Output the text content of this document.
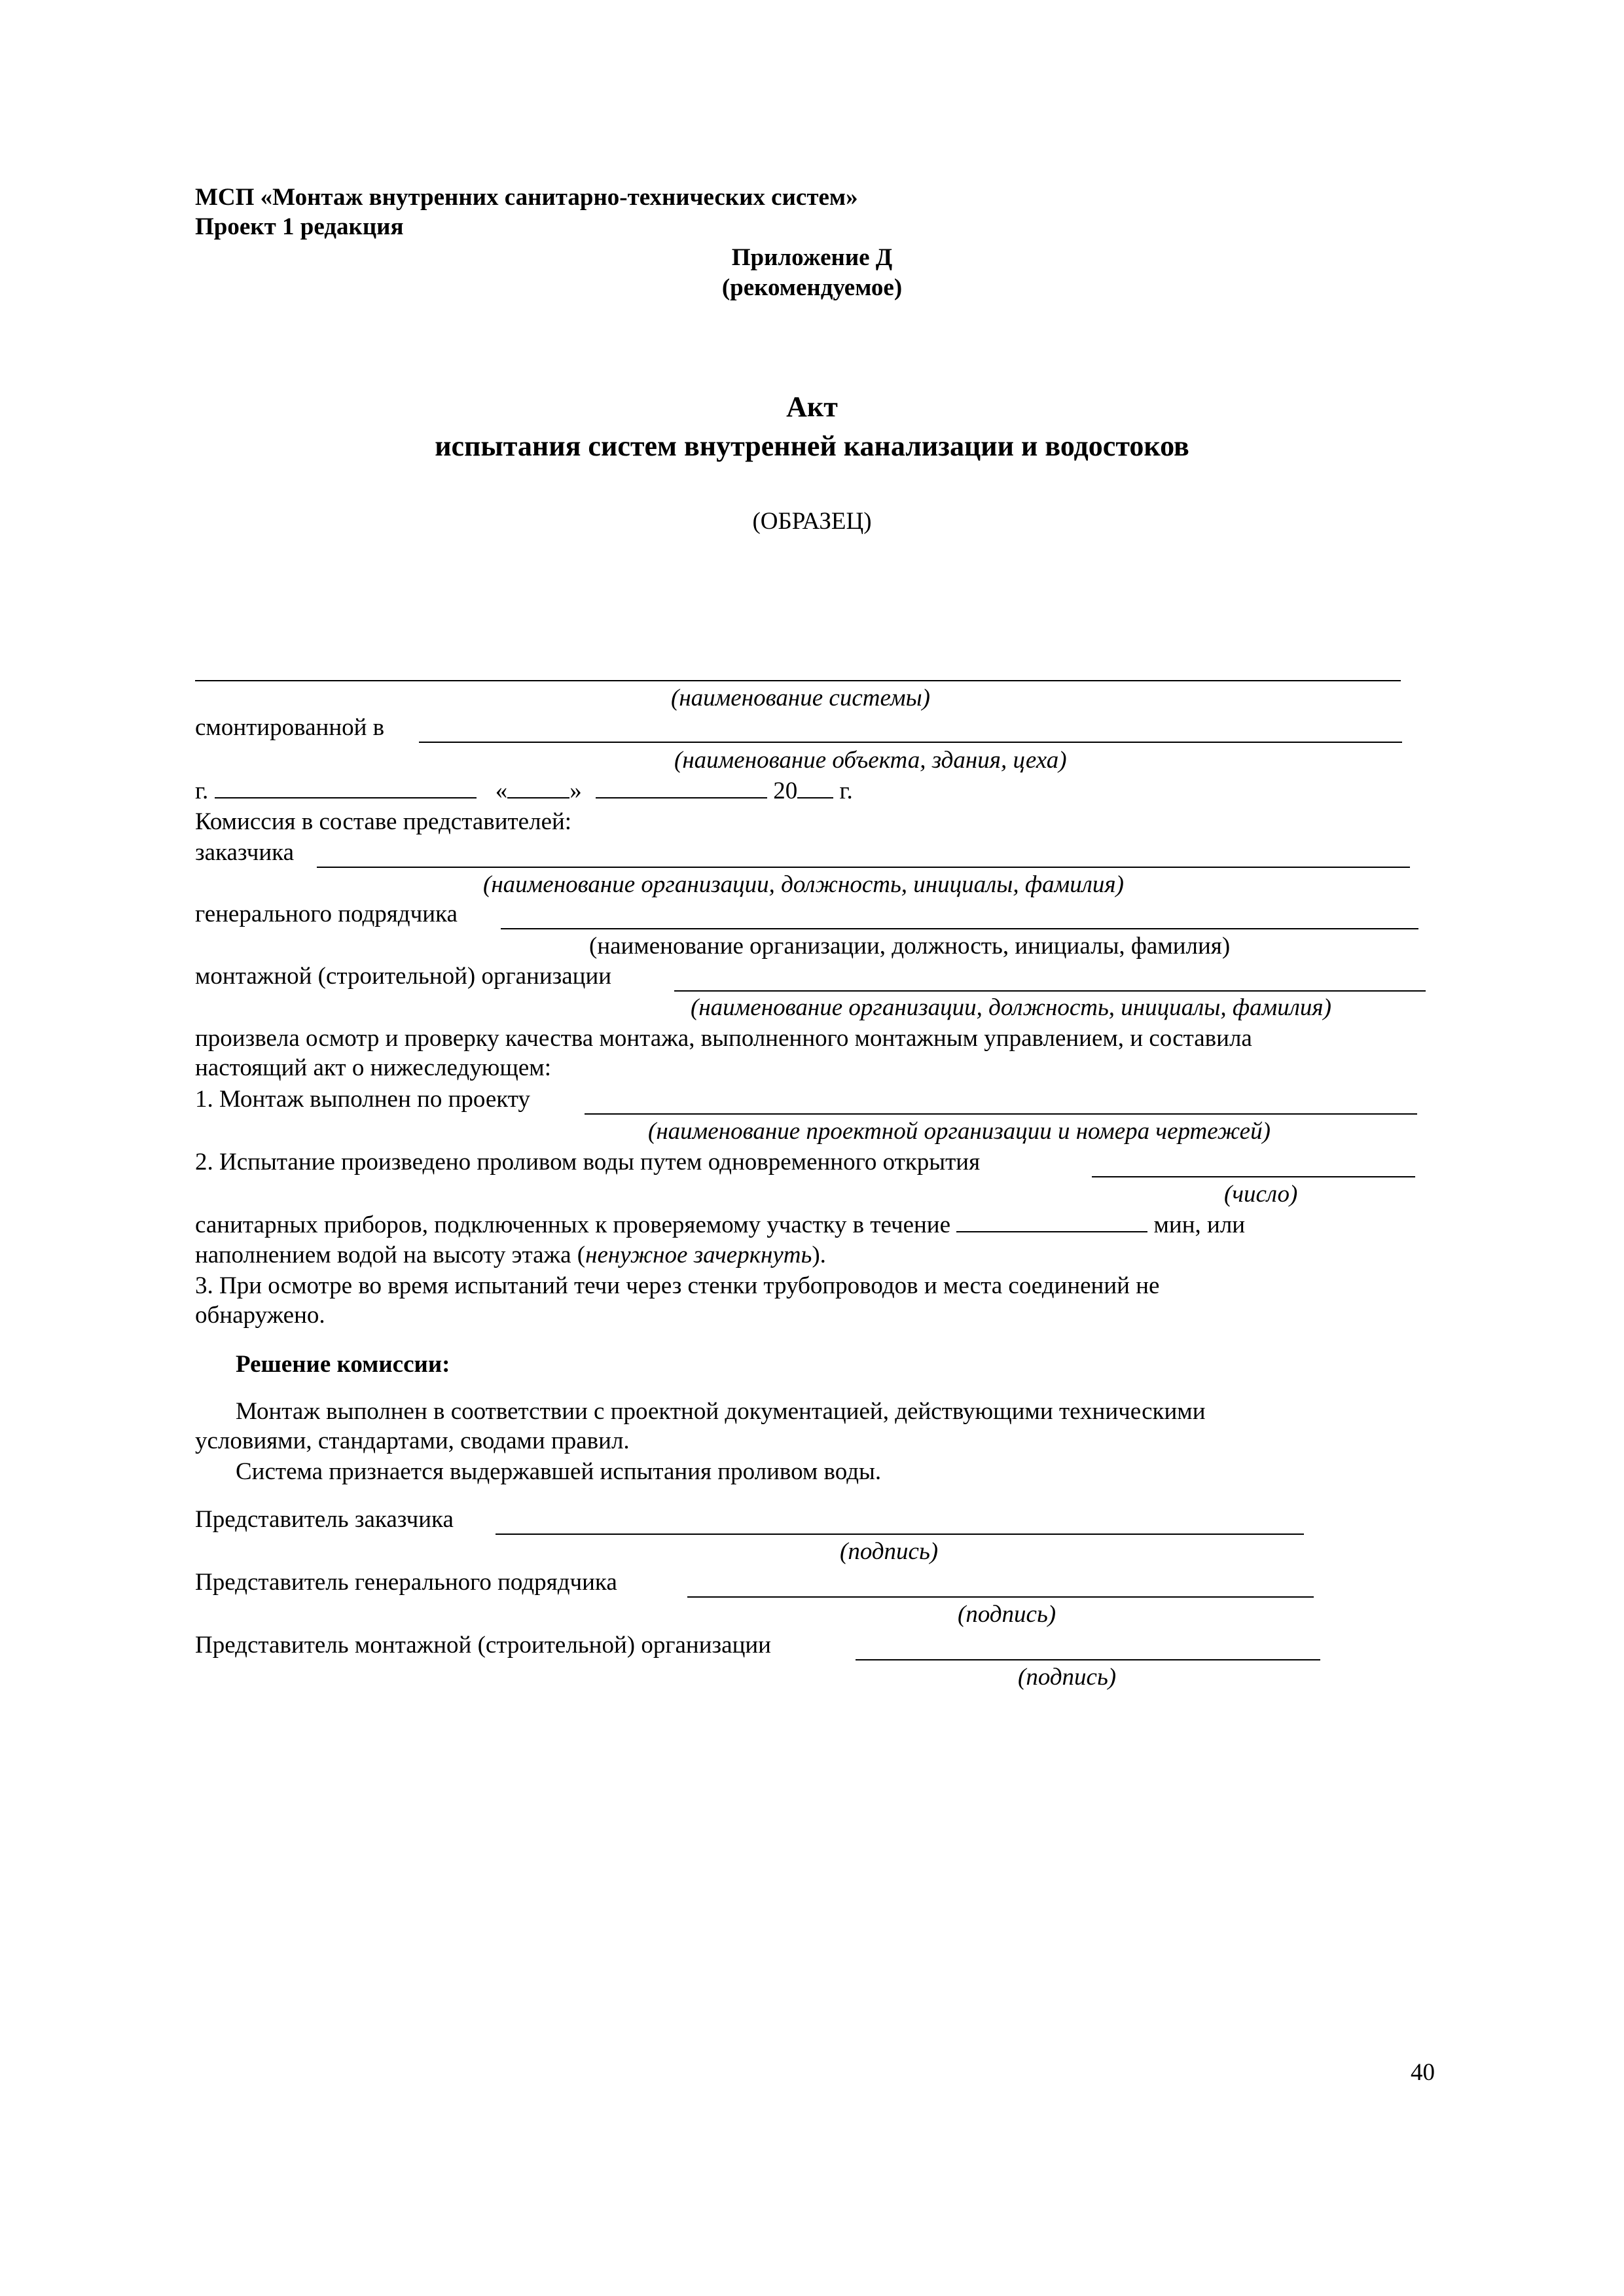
МСП «Монтаж внутренних санитарно-технических систем»
Проект 1 редакция
Приложение Д
(рекомендуемое)
Акт
испытания систем внутренней канализации и водостоков
(ОБРАЗЕЦ)
(наименование системы)
смонтированной в
(наименование объекта, здания, цеха)
г.	«	»	20 г.
Комиссия в составе представителей:
заказчика
(наименование организации, должность, инициалы, фамилия)
генерального подрядчика
(наименование организации, должность, инициалы, фамилия)
монтажной (строительной) организации
(наименование организации, должность, инициалы, фамилия)
произвела осмотр и проверку качества монтажа, выполненного монтажным управлением, и составила
настоящий акт о нижеследующем:
1. Монтаж выполнен по проекту
(наименование проектной организации и номера чертежей)
2. Испытание произведено проливом воды путем одновременного открытия
(число)
санитарных приборов, подключенных к проверяемому участку в течение	мин, или
наполнением водой на высоту этажа (ненужное зачеркнуть).
3. При осмотре во время испытаний течи через стенки трубопроводов и места соединений не
обнаружено.
Решение комиссии:
Монтаж выполнен в соответствии с проектной документацией, действующими техническими
условиями, стандартами, сводами правил.
Система признается выдержавшей испытания проливом воды.
Представитель заказчика
(подпись)
Представитель генерального подрядчика
(подпись)
Представитель монтажной (строительной) организации
(подпись)
40
